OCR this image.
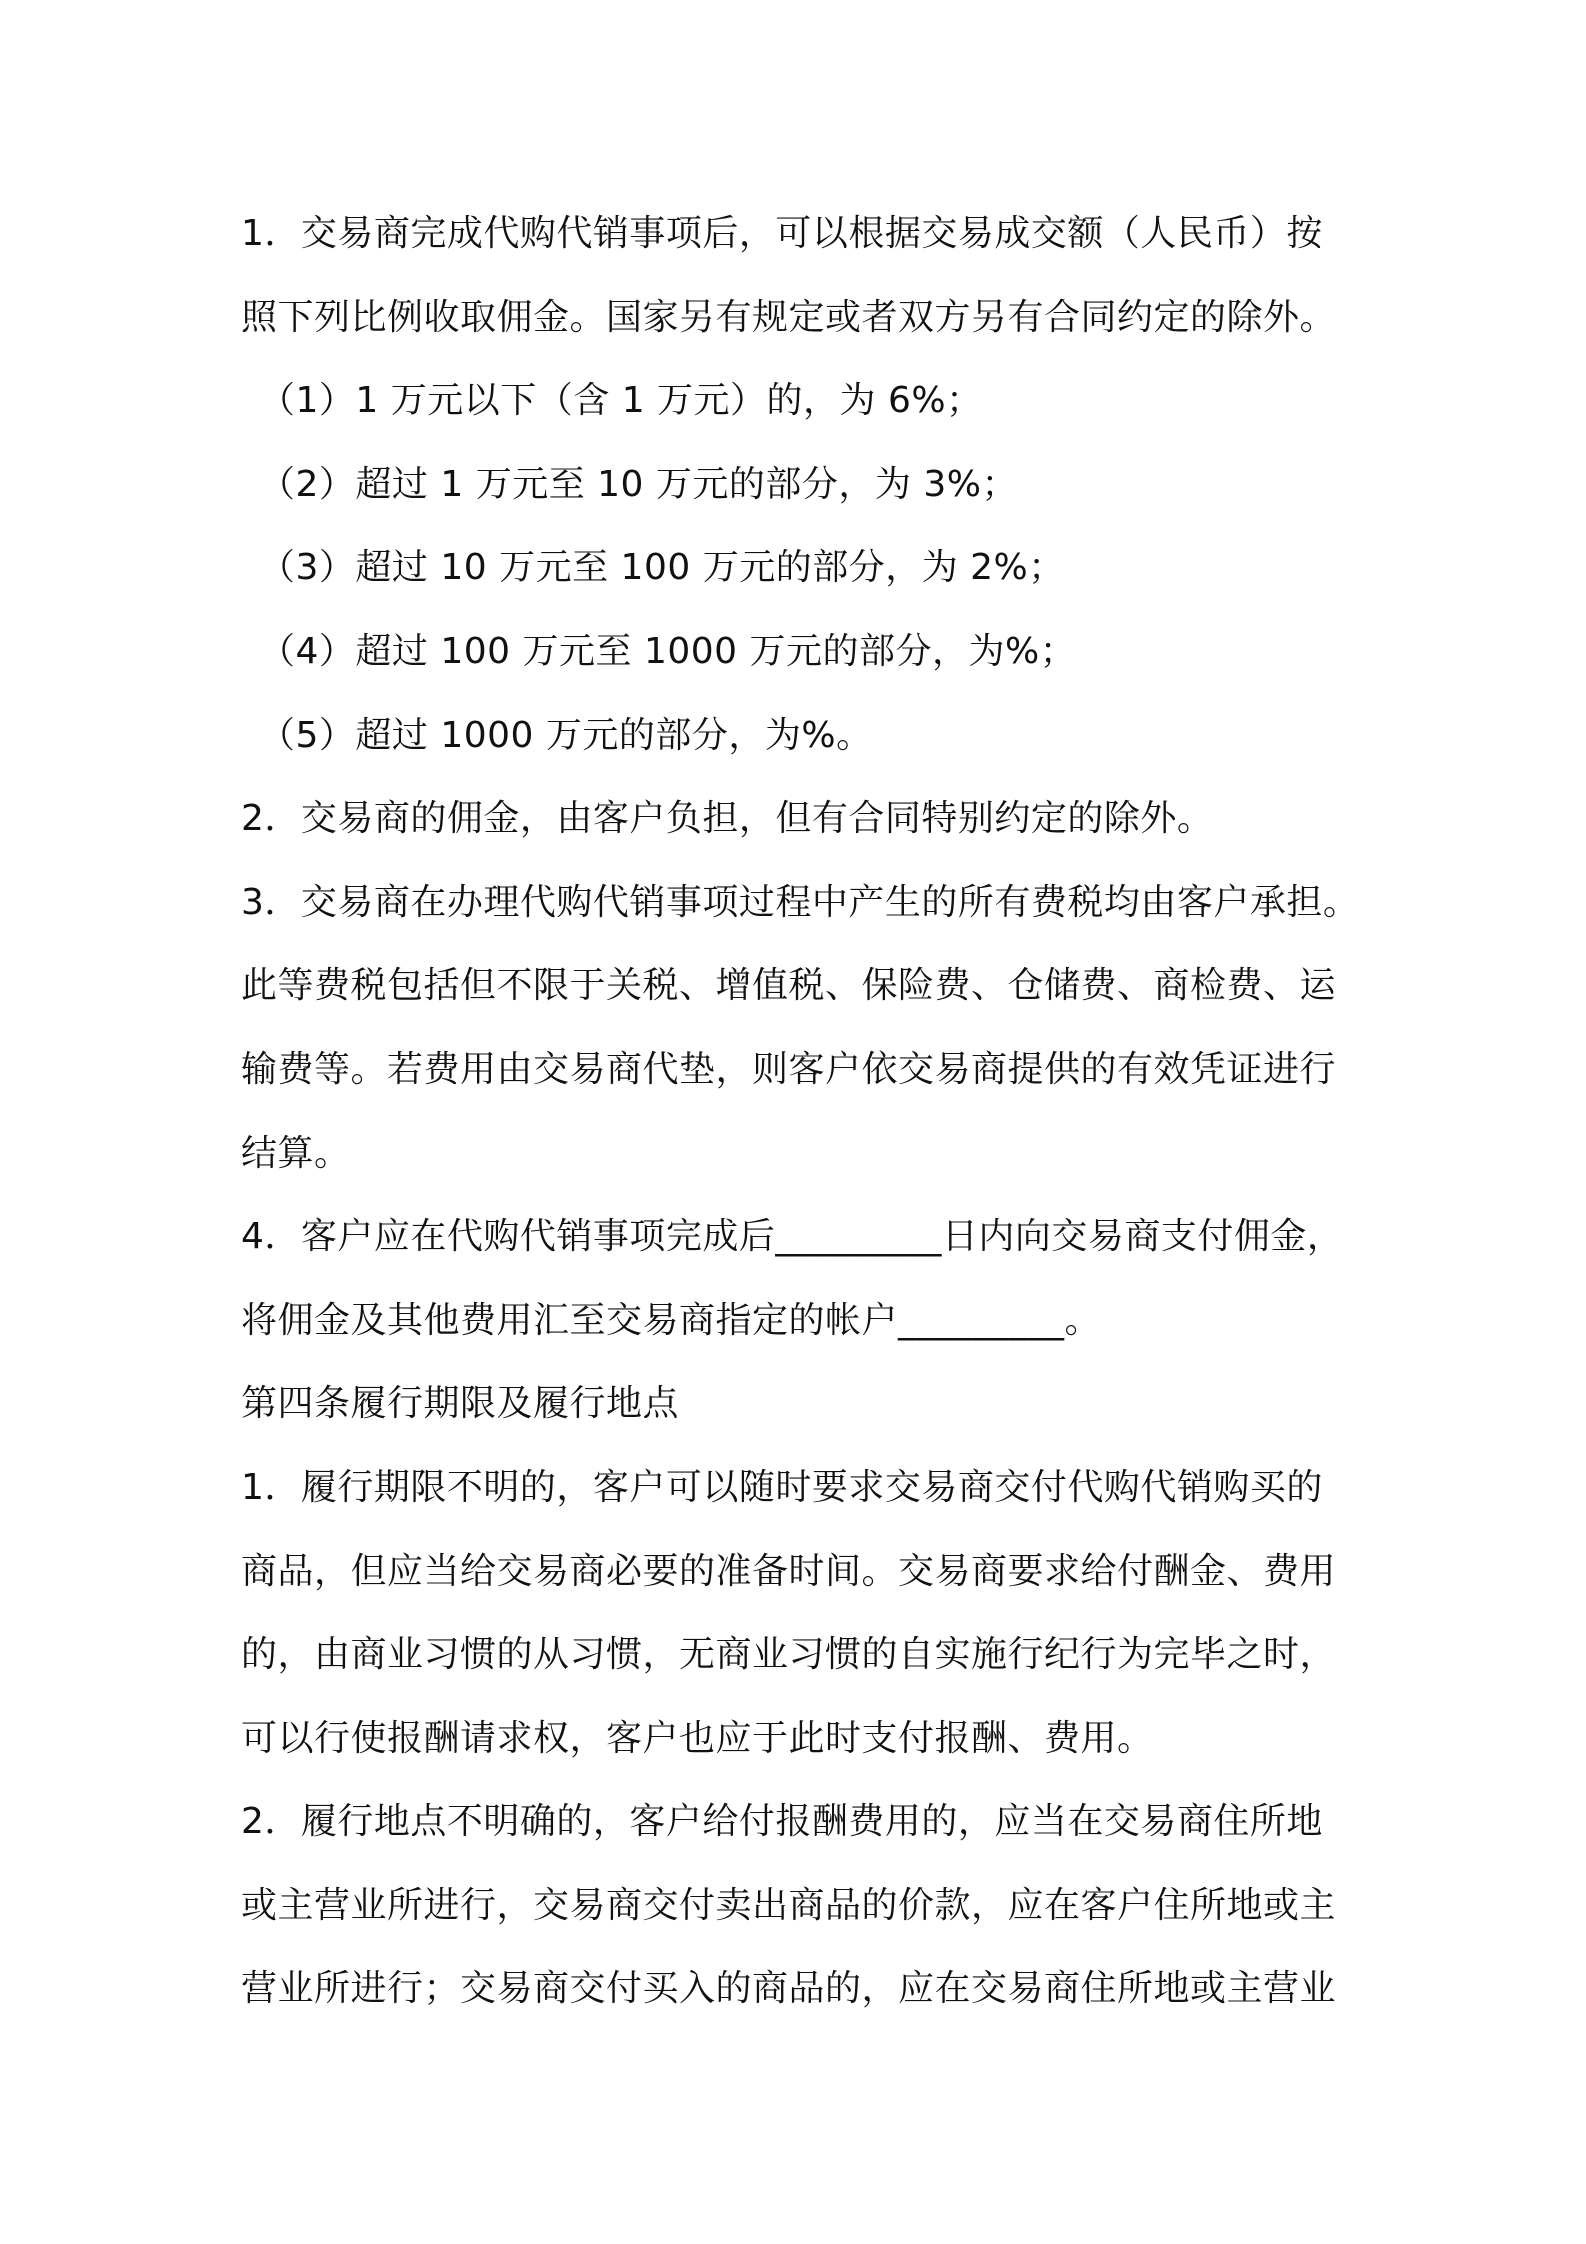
1．交易商完成代购代销事项后，可以根据交易成交额（人民币）按
照下列比例收取佣金。国家另有规定或者双方另有合同约定的除外。
（1）1 万元以下（含 1 万元）的，为 6%；
（2）超过 1 万元至 10 万元的部分，为 3%；
（3）超过 10 万元至 100 万元的部分，为 2%；
（4）超过 100 万元至 1000 万元的部分，为%；
（5）超过 1000 万元的部分，为%。
2．交易商的佣金，由客户负担，但有合同特别约定的除外。
3．交易商在办理代购代销事项过程中产生的所有费税均由客户承担。
此等费税包括但不限于关税、增值税、保险费、仓储费、商检费、运
输费等。若费用由交易商代垫，则客户依交易商提供的有效凭证进行
结算。
4．客户应在代购代销事项完成后_________日内向交易商支付佣金，
将佣金及其他费用汇至交易商指定的帐户_________。
第四条履行期限及履行地点
1．履行期限不明的，客户可以随时要求交易商交付代购代销购买的
商品，但应当给交易商必要的准备时间。交易商要求给付酬金、费用
的，由商业习惯的从习惯，无商业习惯的自实施行纪行为完毕之时，
可以行使报酬请求权，客户也应于此时支付报酬、费用。
2．履行地点不明确的，客户给付报酬费用的，应当在交易商住所地
或主营业所进行，交易商交付卖出商品的价款，应在客户住所地或主
营业所进行；交易商交付买入的商品的，应在交易商住所地或主营业
